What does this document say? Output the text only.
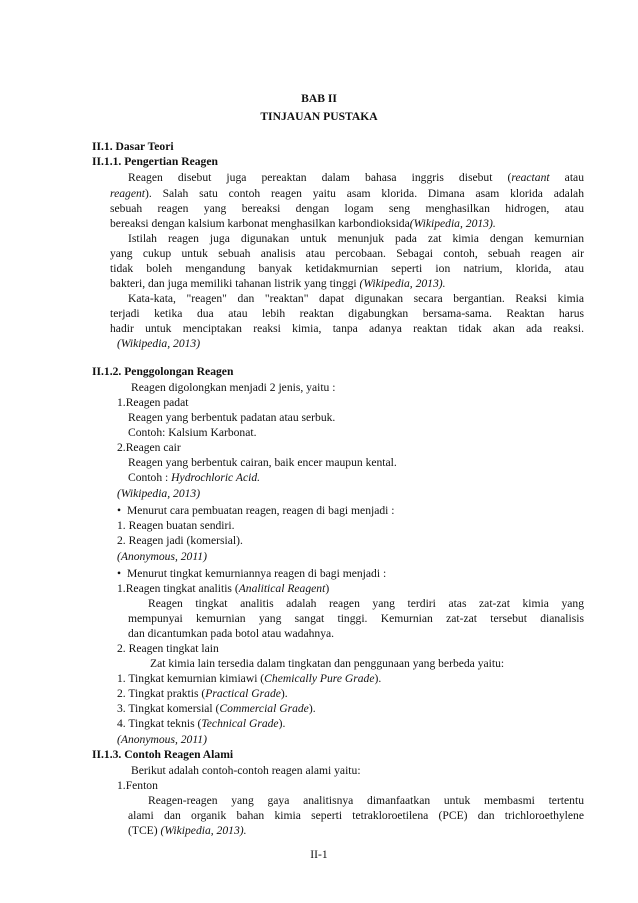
BAB II
TINJAUAN PUSTAKA
II.1. Dasar Teori
II.1.1. Pengertian Reagen
Reagen disebut juga pereaktan dalam bahasa inggris disebut (reactant atau
reagent). Salah satu contoh reagen yaitu asam klorida. Dimana asam klorida adalah
sebuah reagen yang bereaksi dengan logam seng menghasilkan hidrogen, atau
bereaksi dengan kalsium karbonat menghasilkan karbondioksida(Wikipedia, 2013).
Istilah reagen juga digunakan untuk menunjuk pada zat kimia dengan kemurnian
yang cukup untuk sebuah analisis atau percobaan. Sebagai contoh, sebuah reagen air
tidak boleh mengandung banyak ketidakmurnian seperti ion natrium, klorida, atau
bakteri, dan juga memiliki tahanan listrik yang tinggi (Wikipedia, 2013).
Kata-kata, "reagen" dan "reaktan" dapat digunakan secara bergantian. Reaksi kimia
terjadi ketika dua atau lebih reaktan digabungkan bersama-sama. Reaktan harus
hadir untuk menciptakan reaksi kimia, tanpa adanya reaktan tidak akan ada reaksi.
(Wikipedia, 2013)
II.1.2. Penggolongan Reagen
Reagen digolongkan menjadi 2 jenis, yaitu :
1.Reagen padat
Reagen yang berbentuk padatan atau serbuk.
Contoh: Kalsium Karbonat.
2.Reagen cair
Reagen yang berbentuk cairan, baik encer maupun kental.
Contoh : Hydrochloric Acid.
(Wikipedia, 2013)
• Menurut cara pembuatan reagen, reagen di bagi menjadi :
1. Reagen buatan sendiri.
2. Reagen jadi (komersial).
(Anonymous, 2011)
• Menurut tingkat kemurniannya reagen di bagi menjadi :
1.Reagen tingkat analitis (Analitical Reagent)
Reagen tingkat analitis adalah reagen yang terdiri atas zat-zat kimia yang
mempunyai kemurnian yang sangat tinggi. Kemurnian zat-zat tersebut dianalisis
dan dicantumkan pada botol atau wadahnya.
2. Reagen tingkat lain
Zat kimia lain tersedia dalam tingkatan dan penggunaan yang berbeda yaitu:
1. Tingkat kemurnian kimiawi (Chemically Pure Grade).
2. Tingkat praktis (Practical Grade).
3. Tingkat komersial (Commercial Grade).
4. Tingkat teknis (Technical Grade).
(Anonymous, 2011)
II.1.3. Contoh Reagen Alami
Berikut adalah contoh-contoh reagen alami yaitu:
1.Fenton
Reagen-reagen yang gaya analitisnya dimanfaatkan untuk membasmi tertentu
alami dan organik bahan kimia seperti tetrakloroetilena (PCE) dan trichloroethylene
(TCE) (Wikipedia, 2013).
II-1
